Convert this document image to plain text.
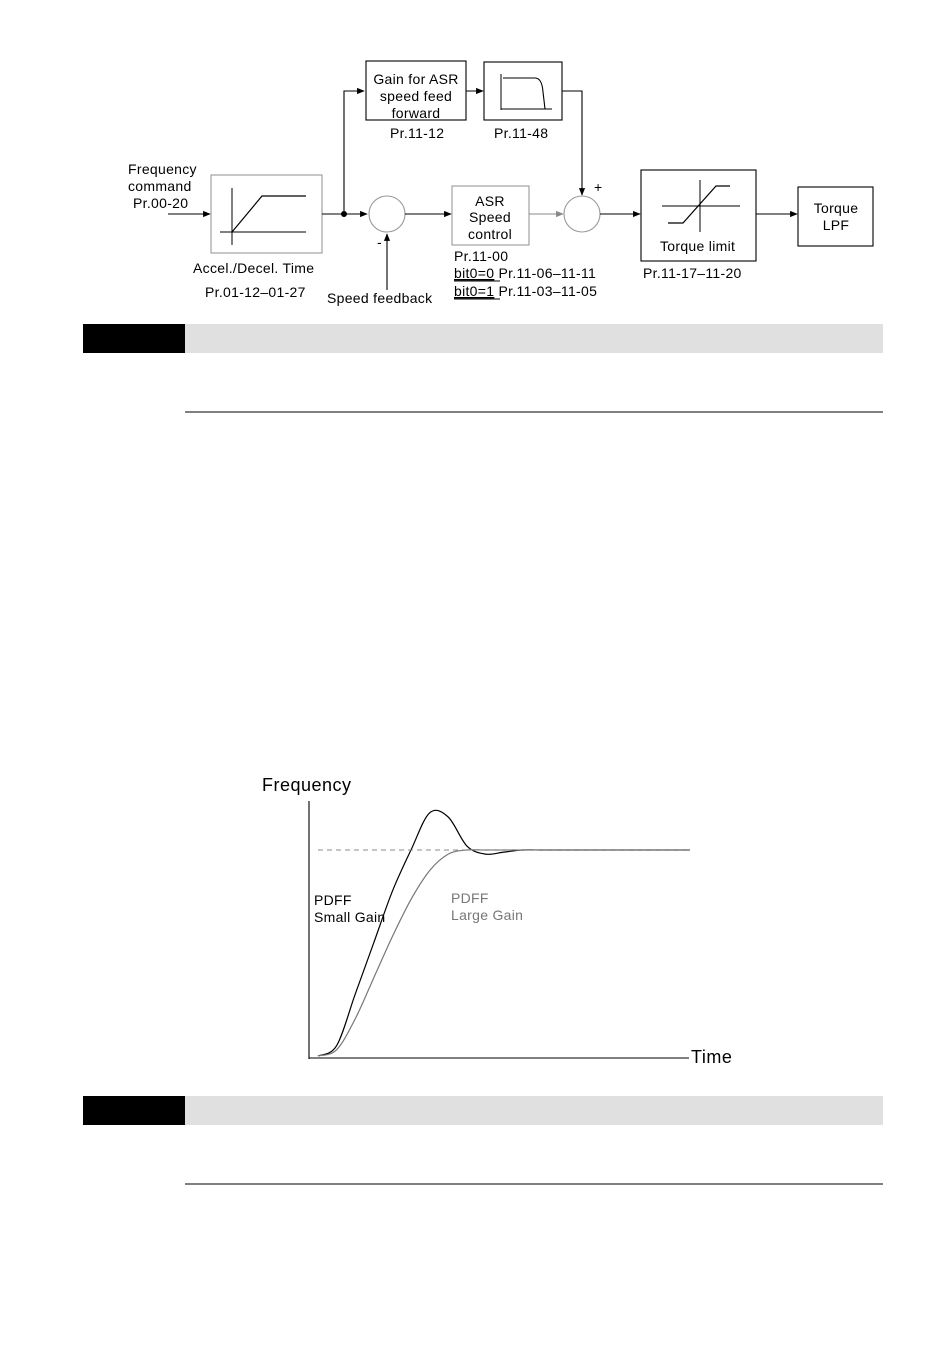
Frequency
command
Pr.00-20
Accel./Decel. Time
Pr.01-12–01-27
Gain for ASR
speed feed
forward
Pr.11-12	Pr.11-48
+
-
Speed feedback
ASR
Speed
control
Pr.11-00
bit0=0 Pr.11-06–11-11
bit0=1 Pr.11-03–11-05
Torque limit
Pr.11-17–11-20
Torque
LPF
Frequency
Time
PDFF
Small Gain
PDFF
Large Gain
